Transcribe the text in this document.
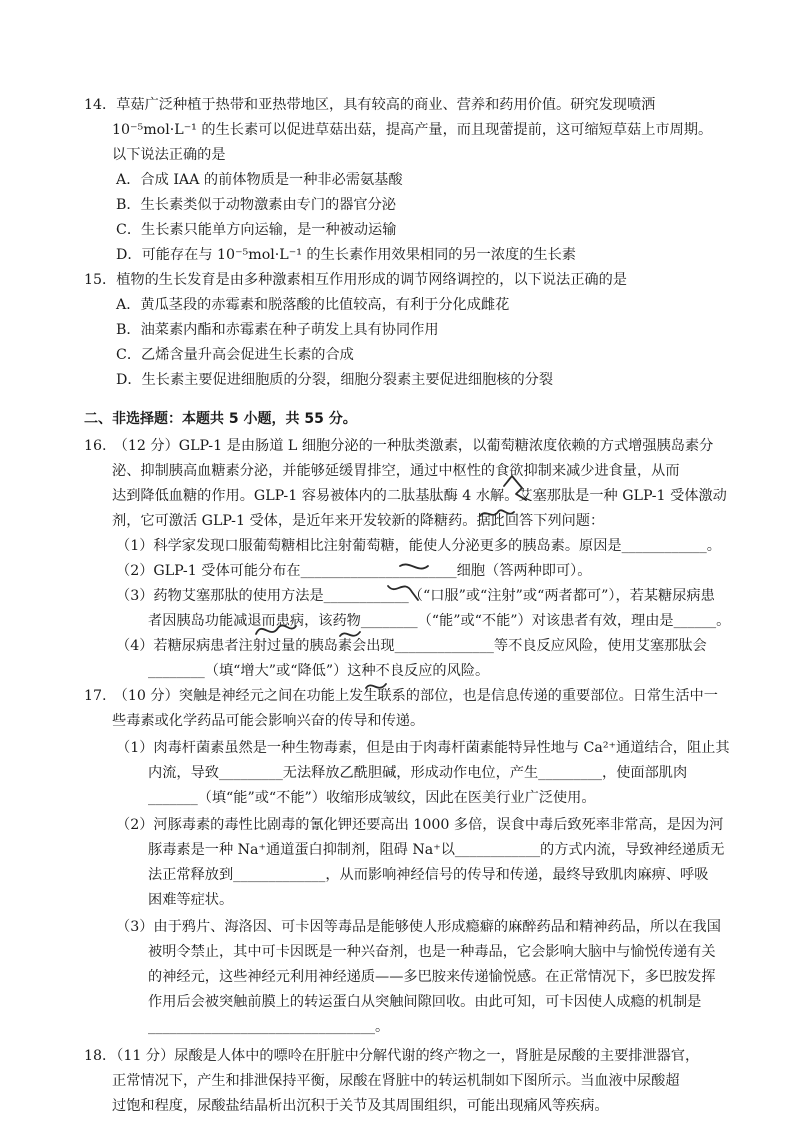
14．草菇广泛种植于热带和亚热带地区，具有较高的商业、营养和药用价值。研究发现喷洒
10⁻⁵mol·L⁻¹ 的生长素可以促进草菇出菇，提高产量，而且现蕾提前，这可缩短草菇上市周期。
以下说法正确的是
A．合成 IAA 的前体物质是一种非必需氨基酸
B．生长素类似于动物激素由专门的器官分泌
C．生长素只能单方向运输，是一种被动运输
D．可能存在与 10⁻⁵mol·L⁻¹ 的生长素作用效果相同的另一浓度的生长素
15．植物的生长发育是由多种激素相互作用形成的调节网络调控的，以下说法正确的是
A．黄瓜茎段的赤霉素和脱落酸的比值较高，有利于分化成雌花
B．油菜素内酯和赤霉素在种子萌发上具有协同作用
C．乙烯含量升高会促进生长素的合成
D．生长素主要促进细胞质的分裂，细胞分裂素主要促进细胞核的分裂
二、非选择题：本题共 5 小题，共 55 分。
16.　（12 分）GLP-1 是由肠道 L 细胞分泌的一种肽类激素，以葡萄糖浓度依赖的方式增强胰岛素分
泌、抑制胰高血糖素分泌，并能够延缓胃排空，通过中枢性的食欲抑制来减少进食量，从而
达到降低血糖的作用。GLP-1 容易被体内的二肽基肽酶 4 水解。艾塞那肽是一种 GLP-1 受体激动
剂，它可激活 GLP-1 受体，是近年来开发较新的降糖药。据此回答下列问题：
（1）科学家发现口服葡萄糖相比注射葡萄糖，能使人分泌更多的胰岛素。原因是____________。
（2）GLP-1 受体可能分布在______________________细胞（答两种即可）。
（3）药物艾塞那肽的使用方法是____________（“口服”或“注射”或“两者都可”），若某糖尿病患
者因胰岛功能减退而患病，该药物________（“能”或“不能”）对该患者有效，理由是______。
（4）若糖尿病患者注射过量的胰岛素会出现______________等不良反应风险，使用艾塞那肽会
________（填“增大”或“降低”）这种不良反应的风险。
17.　（10 分）突触是神经元之间在功能上发生联系的部位，也是信息传递的重要部位。日常生活中一
些毒素或化学药品可能会影响兴奋的传导和传递。
（1）肉毒杆菌素虽然是一种生物毒素，但是由于肉毒杆菌素能特异性地与 Ca²⁺通道结合，阻止其
内流，导致_________无法释放乙酰胆碱，形成动作电位，产生_________，使面部肌肉
_______（填“能”或“不能”）收缩形成皱纹，因此在医美行业广泛使用。
（2）河豚毒素的毒性比剧毒的氰化钾还要高出 1000 多倍，误食中毒后致死率非常高，是因为河
豚毒素是一种 Na⁺通道蛋白抑制剂，阻碍 Na⁺以____________的方式内流，导致神经递质无
法正常释放到_____________，从而影响神经信号的传导和传递，最终导致肌肉麻痹、呼吸
困难等症状。
（3）由于鸦片、海洛因、可卡因等毒品是能够使人形成瘾癖的麻醉药品和精神药品，所以在我国
被明令禁止，其中可卡因既是一种兴奋剂，也是一种毒品，它会影响大脑中与愉悦传递有关
的神经元，这些神经元利用神经递质——多巴胺来传递愉悦感。在正常情况下，多巴胺发挥
作用后会被突触前膜上的转运蛋白从突触间隙回收。由此可知，可卡因使人成瘾的机制是
________________________________。
18．（11 分）尿酸是人体中的嘌呤在肝脏中分解代谢的终产物之一，肾脏是尿酸的主要排泄器官，
正常情况下，产生和排泄保持平衡，尿酸在肾脏中的转运机制如下图所示。当血液中尿酸超
过饱和程度，尿酸盐结晶析出沉积于关节及其周围组织，可能出现痛风等疾病。
